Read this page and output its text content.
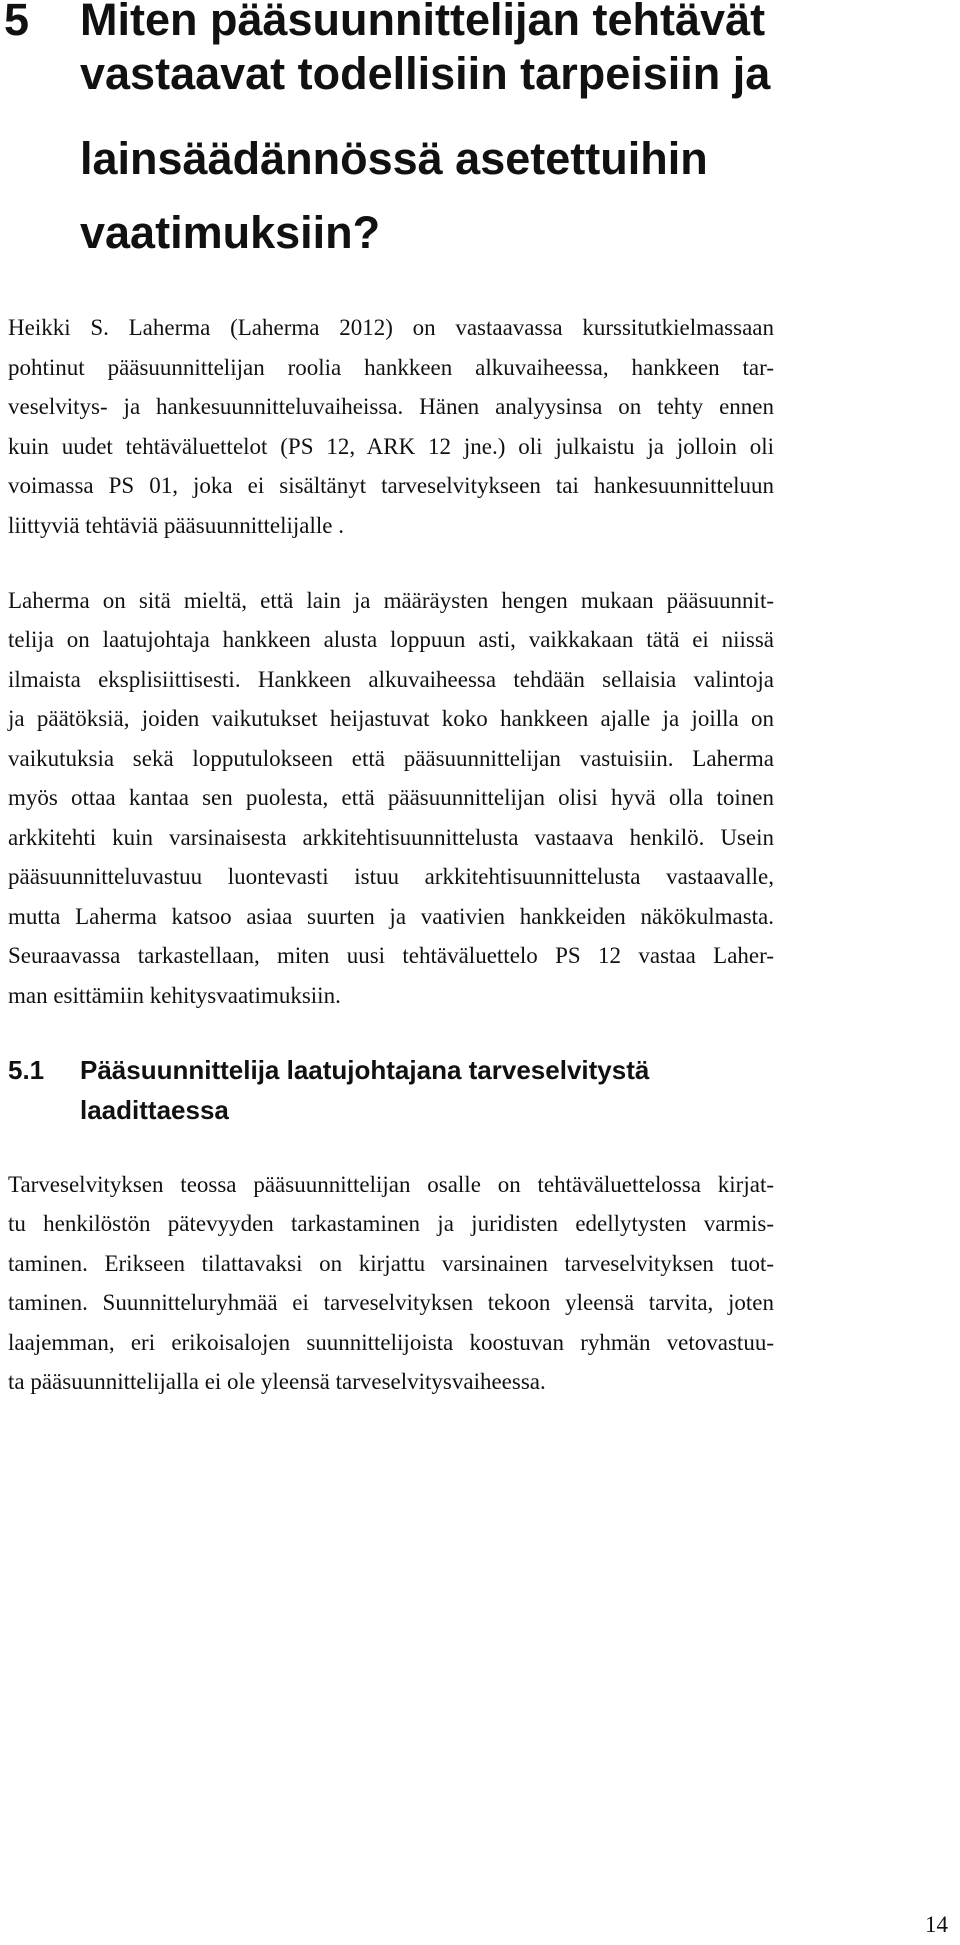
5 Miten pääsuunnittelijan tehtävät
vastaavat todellisiin tarpeisiin ja
lainsäädännössä asetettuihin
vaatimuksiin?
Heikki S. Laherma (Laherma 2012) on vastaavassa kurssitutkielmassaan
pohtinut pääsuunnittelijan roolia hankkeen alkuvaiheessa, hankkeen tar-
veselvitys- ja hankesuunnitteluvaiheissa. Hänen analyysinsa on tehty ennen
kuin uudet tehtäväluettelot (PS 12, ARK 12 jne.) oli julkaistu ja jolloin oli
voimassa PS 01, joka ei sisältänyt tarveselvitykseen tai hankesuunnitteluun
liittyviä tehtäviä pääsuunnittelijalle .
Laherma on sitä mieltä, että lain ja määräysten hengen mukaan pääsuunnit-
telija on laatujohtaja hankkeen alusta loppuun asti, vaikkakaan tätä ei niissä
ilmaista eksplisiittisesti. Hankkeen alkuvaiheessa tehdään sellaisia valintoja
ja päätöksiä, joiden vaikutukset heijastuvat koko hankkeen ajalle ja joilla on
vaikutuksia sekä lopputulokseen että pääsuunnittelijan vastuisiin. Laherma
myös ottaa kantaa sen puolesta, että pääsuunnittelijan olisi hyvä olla toinen
arkkitehti kuin varsinaisesta arkkitehtisuunnittelusta vastaava henkilö. Usein
pääsuunnitteluvastuu luontevasti istuu arkkitehtisuunnittelusta vastaavalle,
mutta Laherma katsoo asiaa suurten ja vaativien hankkeiden näkökulmasta.
Seuraavassa tarkastellaan, miten uusi tehtäväluettelo PS 12 vastaa Laher-
man esittämiin kehitysvaatimuksiin.
5.1 Pääsuunnittelija laatujohtajana tarveselvitystä
laadittaessa
Tarveselvityksen teossa pääsuunnittelijan osalle on tehtäväluettelossa kirjat-
tu henkilöstön pätevyyden tarkastaminen ja juridisten edellytysten varmis-
taminen. Erikseen tilattavaksi on kirjattu varsinainen tarveselvityksen tuot-
taminen. Suunnitteluryhmää ei tarveselvityksen tekoon yleensä tarvita, joten
laajemman, eri erikoisalojen suunnittelijoista koostuvan ryhmän vetovastuu-
ta pääsuunnittelijalla ei ole yleensä tarveselvitysvaiheessa.
14
